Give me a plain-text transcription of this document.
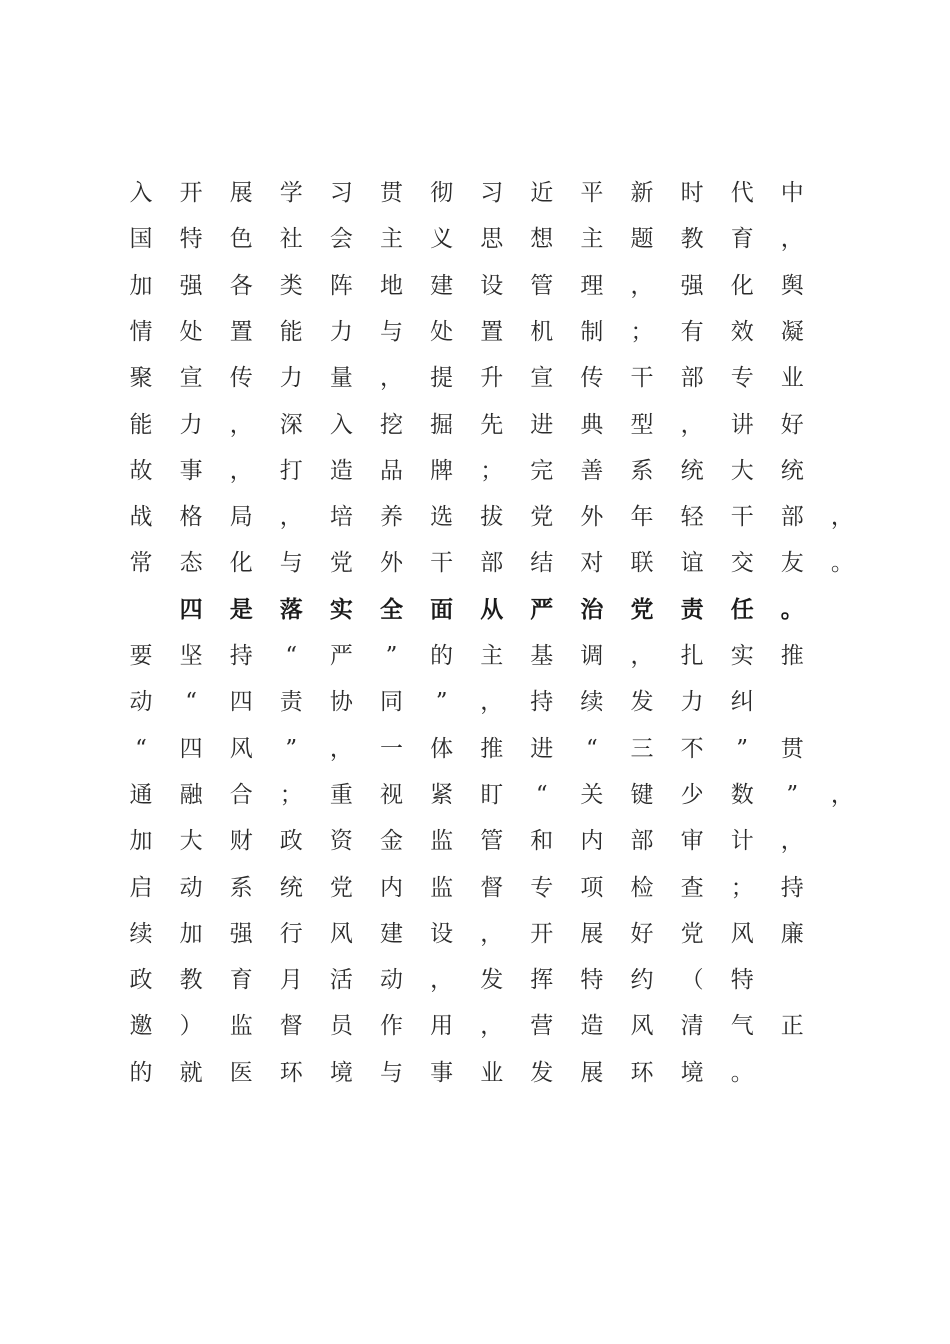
入	开	展	学	习	贯	彻	习	近	平	新	时	代	中
国	特	色	社	会	主	义	思	想	主	题	教	育	，
加	强	各	类	阵	地	建	设	管	理	，	强	化	舆
情	处	置	能	力	与	处	置	机	制	；	有	效	凝
聚	宣	传	力	量	，	提	升	宣	传	干	部	专	业
能	力	，	深	入	挖	掘	先	进	典	型	，	讲	好
故	事	，	打	造	品	牌	；	完	善	系	统	大	统
战	格	局	，	培	养	选	拔	党	外	年	轻	干	部	，
常	态	化	与	党	外	干	部	结	对	联	谊	交	友	。
四	是	落	实	全	面	从	严	治	党	责	任	。
要	坚	持	“	严	”	的	主	基	调	，	扎	实	推
动	“	四	责	协	同	”	，	持	续	发	力	纠
“	四	风	”	，	一	体	推	进	“	三	不	”	贯
通	融	合	；	重	视	紧	盯	“	关	键	少	数	”	，
加	大	财	政	资	金	监	管	和	内	部	审	计	，
启	动	系	统	党	内	监	督	专	项	检	查	；	持
续	加	强	行	风	建	设	，	开	展	好	党	风	廉
政	教	育	月	活	动	，	发	挥	特	约	（	特
邀	）	监	督	员	作	用	，	营	造	风	清	气	正
的	就	医	环	境	与	事	业	发	展	环	境	。
